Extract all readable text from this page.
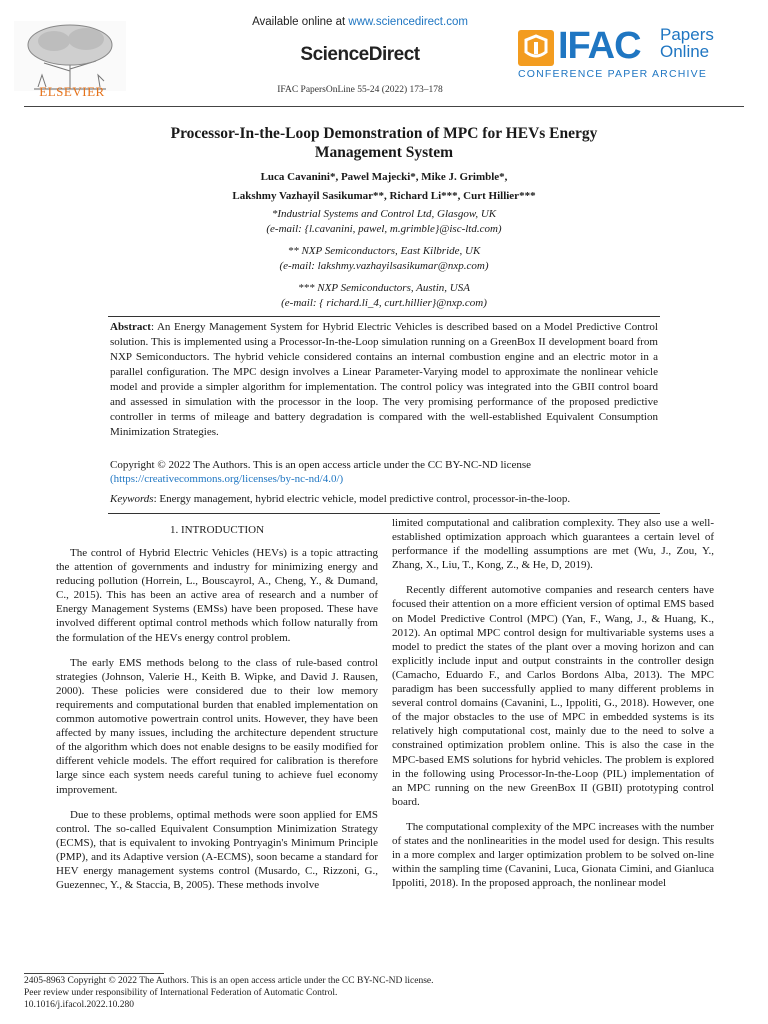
ELSEVIER
Available online at www.sciencedirect.com
ScienceDirect
IFAC PapersOnLine 55-24 (2022) 173–178
IFAC Papers
Online
CONFERENCE PAPER ARCHIVE
Processor-In-the-Loop Demonstration of MPC for HEVs Energy
Management System
Luca Cavanini*, Pawel Majecki*, Mike J. Grimble*,
Lakshmy Vazhayil Sasikumar**, Richard Li***, Curt Hillier***
*Industrial Systems and Control Ltd, Glasgow, UK
(e-mail: {l.cavanini, pawel, m.grimble}@isc-ltd.com)
** NXP Semiconductors, East Kilbride, UK
(e-mail: lakshmy.vazhayilsasikumar@nxp.com)
*** NXP Semiconductors, Austin, USA
(e-mail: { richard.li_4, curt.hillier}@nxp.com)
Abstract: An Energy Management System for Hybrid Electric Vehicles is described based on a Model Predictive Control solution. This is implemented using a Processor-In-the-Loop simulation running on a GreenBox II development board from NXP Semiconductors. The hybrid vehicle considered contains an internal combustion engine and an electric motor in a parallel configuration. The MPC design involves a Linear Parameter-Varying model to approximate the nonlinear vehicle model and provide a simpler algorithm for implementation. The control policy was integrated into the GBII control board and assessed in simulation with the processor in the loop. The very promising performance of the proposed predictive controller in terms of mileage and battery degradation is compared with the well-established Equivalent Consumption Minimization Strategies.
Copyright © 2022 The Authors. This is an open access article under the CC BY-NC-ND license
(https://creativecommons.org/licenses/by-nc-nd/4.0/)
Keywords: Energy management, hybrid electric vehicle, model predictive control, processor-in-the-loop.
1. INTRODUCTION

The control of Hybrid Electric Vehicles (HEVs) is a topic attracting the attention of governments and industry for minimizing energy and reducing pollution (Horrein, L., Bouscayrol, A., Cheng, Y., & Dumand, C., 2015). This has been an active area of research and a number of Energy Management Systems (EMSs) have been proposed. These have involved different optimal control methods which follow naturally from the formulation of the HEVs energy control problem.

The early EMS methods belong to the class of rule-based control strategies (Johnson, Valerie H., Keith B. Wipke, and David J. Rausen, 2000). These policies were considered due to their low memory requirements and computational burden that enabled implementation on common automotive powertrain control units. However, they have been affected by many issues, including the architecture dependent structure of the algorithm which does not enable designs to be easily modified for different vehicle models. The effort required for calibration is therefore large since each system needs careful tuning to achieve fuel economy improvement.

Due to these problems, optimal methods were soon applied for EMS control. The so-called Equivalent Consumption Minimization Strategy (ECMS), that is equivalent to invoking Pontryagin's Minimum Principle (PMP), and its Adaptive version (A-ECMS), soon became a standard for HEV energy management systems control (Musardo, C., Rizzoni, G., Guezennec, Y., & Staccia, B, 2005). These methods involve

limited computational and calibration complexity. They also use a well-established optimization approach which guarantees a certain level of performance if the modelling assumptions are met (Wu, J., Zou, Y., Zhang, X., Liu, T., Kong, Z., & He, D, 2019).

Recently different automotive companies and research centers have focused their attention on a more efficient version of optimal EMS based on Model Predictive Control (MPC) (Yan, F., Wang, J., & Huang, K., 2012). An optimal MPC control design for multivariable systems uses a model to predict the states of the plant over a moving horizon and can explicitly include input and output constraints in the controller design (Camacho, Eduardo F., and Carlos Bordons Alba, 2013). The MPC paradigm has been successfully applied to many different problems in several control domains (Cavanini, L., Ippoliti, G., 2018). However, one of the major obstacles to the use of MPC in embedded systems is its relatively high computational cost, mainly due to the need to solve a constrained optimization problem online. This is also the case in the MPC-based EMS solutions for hybrid vehicles. The problem is explored in the following using Processor-In-the-Loop (PIL) implementation of an MPC running on the new GreenBox II (GBII) prototyping control board.

The computational complexity of the MPC increases with the number of states and the nonlinearities in the model used for design. This results in a more complex and larger optimization problem to be solved on-line within the sampling time (Cavanini, Luca, Gionata Cimini, and Gianluca Ippoliti, 2018). In the proposed approach, the nonlinear model

2405-8963 Copyright © 2022 The Authors. This is an open access article under the CC BY-NC-ND license.
Peer review under responsibility of International Federation of Automatic Control.
10.1016/j.ifacol.2022.10.280
